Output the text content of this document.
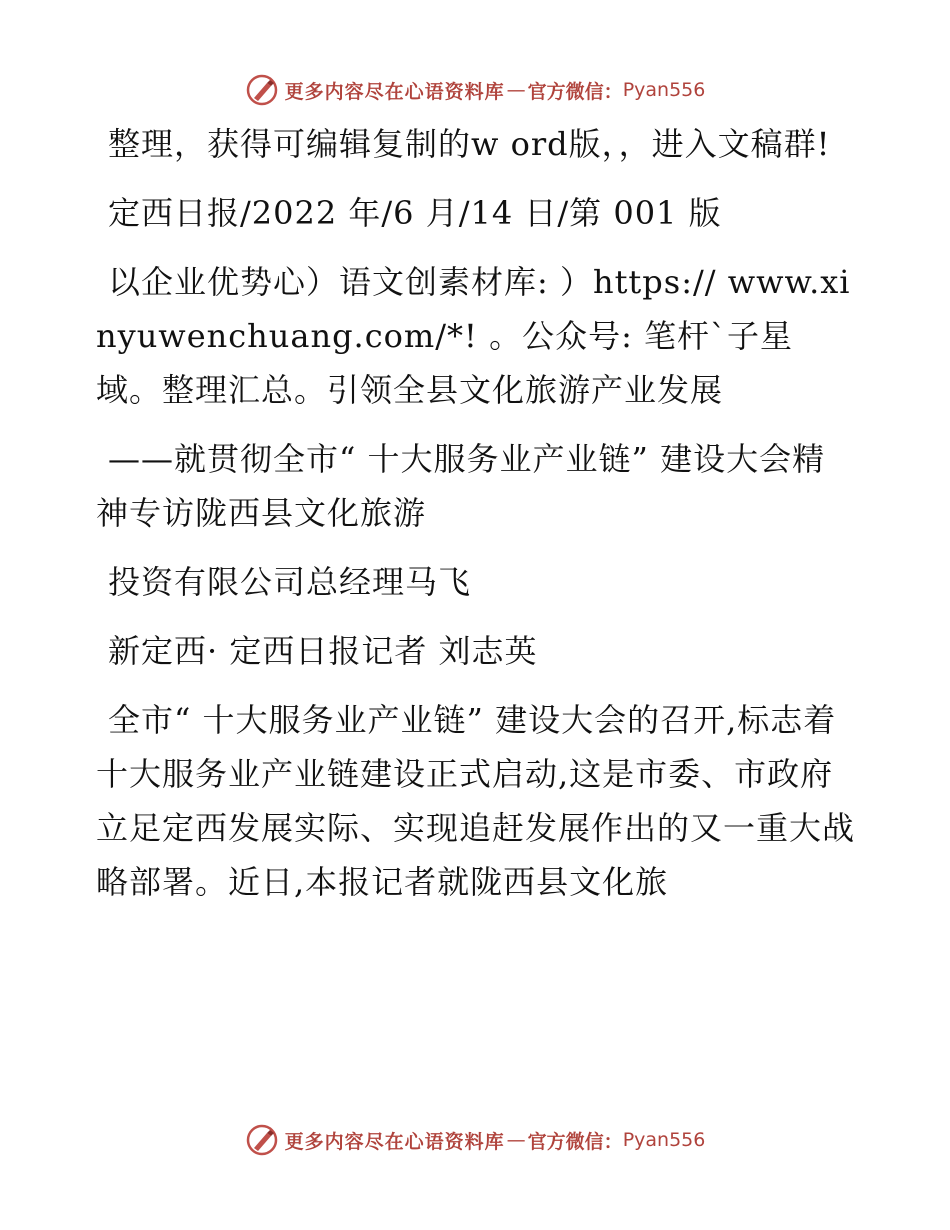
更多内容尽在心语资料库 — 官方微信： Pyan556

整理，获得可编辑复制的w ord版，，进入文稿群!

定西日报/2022 年/6 月/14 日/第 001 版

以企业优势心）语文创素材库: ）https:// www.xinyuwenchuang.com/*! 。公众号: 笔杆`子星域。整理汇总。引领全县文化旅游产业发展

——就贯彻全市“ 十大服务业产业链” 建设大会精神专访陇西县文化旅游

投资有限公司总经理马飞

新定西· 定西日报记者 刘志英

全市“ 十大服务业产业链” 建设大会的召开,标志着十大服务业产业链建设正式启动,这是市委、市政府立足定西发展实际、实现追赶发展作出的又一重大战略部署。近日,本报记者就陇西县文化旅

更多内容尽在心语资料库 — 官方微信： Pyan556
